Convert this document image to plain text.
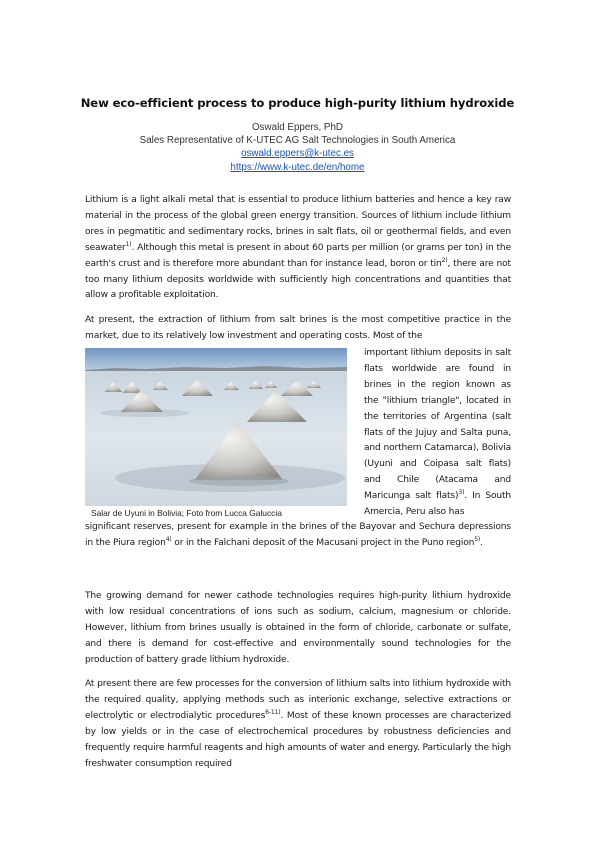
New eco-efficient process to produce high-purity lithium hydroxide
Oswald Eppers, PhD
Sales Representative of K-UTEC AG Salt Technologies in South America
oswald.eppers@k-utec.es
https://www.k-utec.de/en/home

Lithium is a light alkali metal that is essential to produce lithium batteries and hence a key raw material in the process of the global green energy transition. Sources of lithium include lithium ores in pegmatitic and sedimentary rocks, brines in salt flats, oil or geothermal fields, and even seawater$^{1)}$. Although this metal is present in about 60 parts per million (or grams per ton) in the earth's crust and is therefore more abundant than for instance lead, boron or tin$^{2)}$, there are not too many lithium deposits worldwide with sufficiently high concentrations and quantities that allow a profitable exploitation.

At present, the extraction of lithium from salt brines is the most competitive practice in the market, due to its relatively low investment and operating costs. Most of the

Salar de Uyuni in Bolivia; Foto from Lucca Galuccia

important lithium deposits in salt flats worldwide are found in brines in the region known as the "lithium triangle", located in the territories of Argentina (salt flats of the Jujuy and Salta puna, and northern Catamarca), Bolivia (Uyuni and Coipasa salt flats) and Chile (Atacama and Maricunga salt flats)$^{3)}$. In South Amercia, Peru also has

significant reserves, present for example in the brines of the Bayovar and Sechura depressions in the Piura region$^{4)}$ or in the Falchani deposit of the Macusani project in the Puno region$^{5)}$.

The growing demand for newer cathode technologies requires high-purity lithium hydroxide with low residual concentrations of ions such as sodium, calcium, magnesium or chloride. However, lithium from brines usually is obtained in the form of chloride, carbonate or sulfate, and there is demand for cost-effective and environmentally sound technologies for the production of battery grade lithium hydroxide.

At present there are few processes for the conversion of lithium salts into lithium hydroxide with the required quality, applying methods such as interionic exchange, selective extractions or electrolytic or electrodialytic procedures$^{6-11)}$. Most of these known processes are characterized by low yields or in the case of electrochemical procedures by robustness deficiencies and frequently require harmful reagents and high amounts of water and energy. Particularly the high freshwater consumption required
